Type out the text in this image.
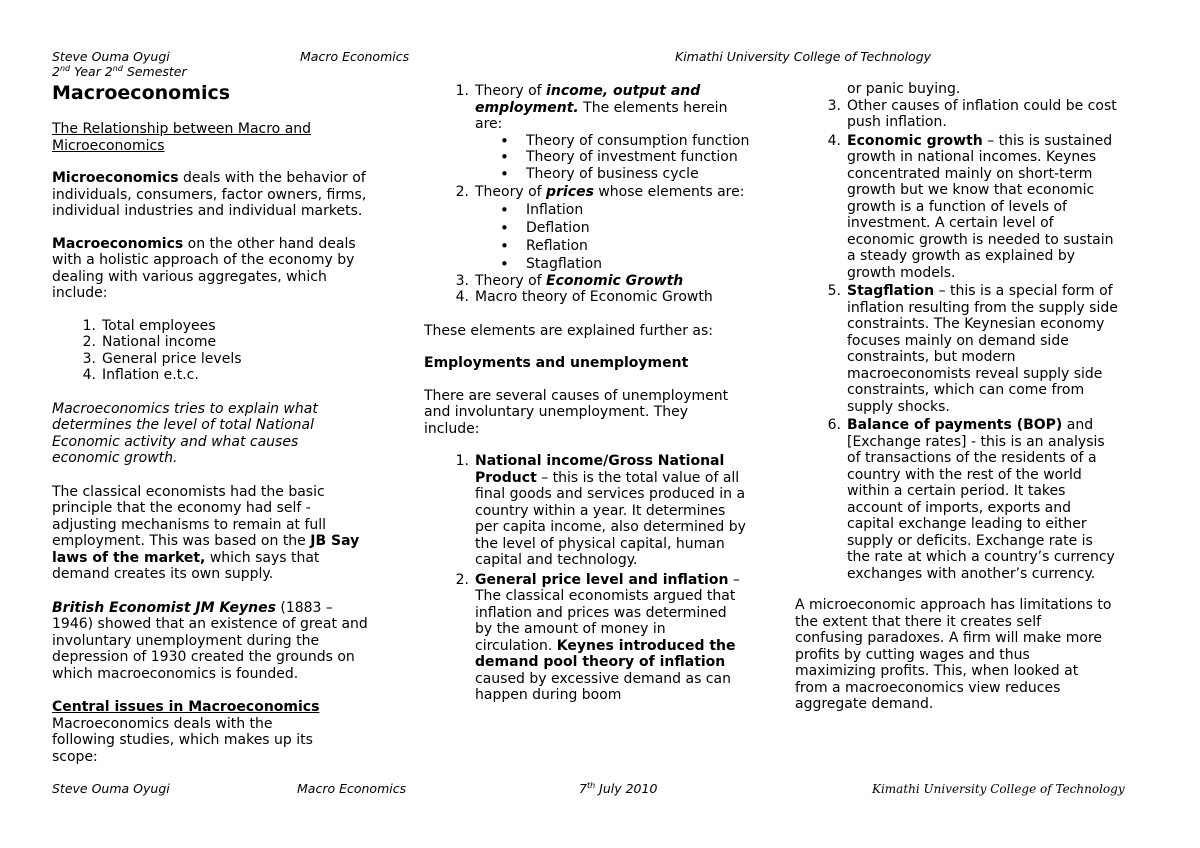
Steve Ouma Oyugi	Macro Economics	Kimathi University College of Technology
2nd Year 2nd Semester
Macroeconomics

The Relationship between Macro and Microeconomics

Microeconomics deals with the behavior of individuals, consumers, factor owners, firms, individual industries and individual markets.

Macroeconomics on the other hand deals with a holistic approach of the economy by dealing with various aggregates, which include:

1. Total employees
2. National income
3. General price levels
4. Inflation e.t.c.

Macroeconomics tries to explain what determines the level of total National Economic activity and what causes economic growth.

The classical economists had the basic principle that the economy had self -adjusting mechanisms to remain at full employment. This was based on the JB Say laws of the market, which says that demand creates its own supply.

British Economist JM Keynes (1883 – 1946) showed that an existence of great and involuntary unemployment during the depression of 1930 created the grounds on which macroeconomics is founded.

Central issues in Macroeconomics

Macroeconomics deals with the following studies, which makes up its scope:

1. Theory of income, output and employment. The elements herein are:
• Theory of consumption function
• Theory of investment function
• Theory of business cycle
2. Theory of prices whose elements are:
• Inflation
• Deflation
• Reflation
• Stagflation
3. Theory of Economic Growth
4. Macro theory of Economic Growth

These elements are explained further as:

Employments and unemployment

There are several causes of unemployment and involuntary unemployment. They include:

1. National income/Gross National Product – this is the total value of all final goods and services produced in a country within a year. It determines per capita income, also determined by the level of physical capital, human capital and technology.
2. General price level and inflation – The classical economists argued that inflation and prices was determined by the amount of money in circulation. Keynes introduced the demand pool theory of inflation caused by excessive demand as can happen during boom
or panic buying.
3. Other causes of inflation could be cost push inflation.
4. Economic growth – this is sustained growth in national incomes. Keynes concentrated mainly on short-term growth but we know that economic growth is a function of levels of investment. A certain level of economic growth is needed to sustain a steady growth as explained by growth models.
5. Stagflation – this is a special form of inflation resulting from the supply side constraints. The Keynesian economy focuses mainly on demand side constraints, but modern macroeconomists reveal supply side constraints, which can come from supply shocks.
6. Balance of payments (BOP) and [Exchange rates] - this is an analysis of transactions of the residents of a country with the rest of the world within a certain period. It takes account of imports, exports and capital exchange leading to either supply or deficits. Exchange rate is the rate at which a country’s currency exchanges with another’s currency.

A microeconomic approach has limitations to the extent that there it creates self confusing paradoxes. A firm will make more profits by cutting wages and thus maximizing profits. This, when looked at from a macroeconomics view reduces aggregate demand.

Steve Ouma Oyugi	Macro Economics	7th July 2010	Kimathi University College of Technology
